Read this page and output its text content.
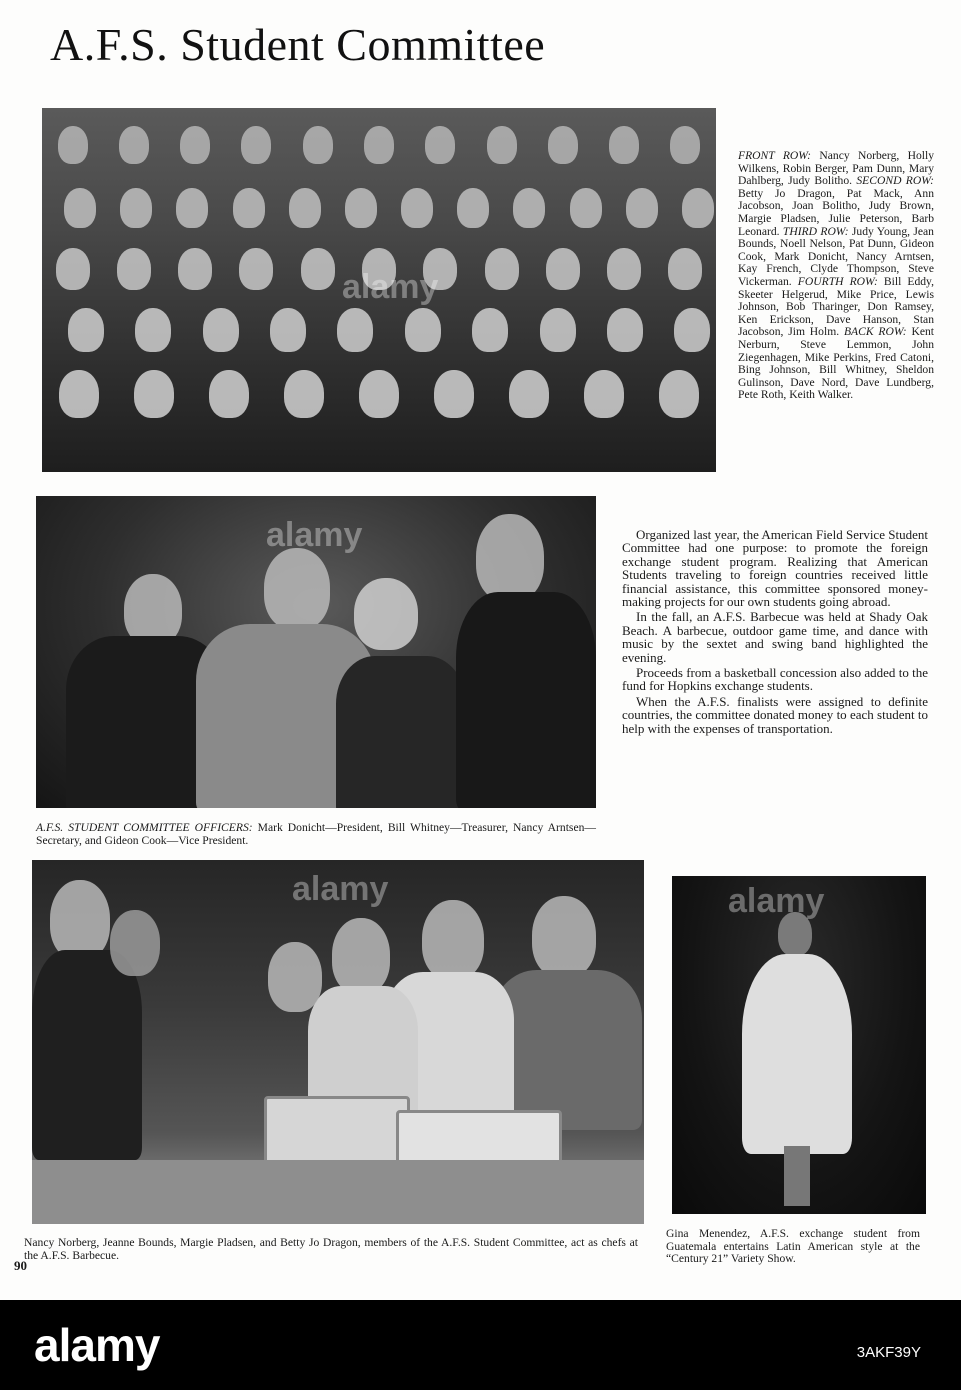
A.F.S. Student Committee
alamy
FRONT ROW: Nancy Norberg, Holly Wilkens, Robin Berger, Pam Dunn, Mary Dahlberg, Judy Bolitho. SECOND ROW: Betty Jo Dragon, Pat Mack, Ann Jacobson, Joan Bolitho, Judy Brown, Margie Pladsen, Julie Peterson, Barb Leonard. THIRD ROW: Judy Young, Jean Bounds, Noell Nelson, Pat Dunn, Gideon Cook, Mark Donicht, Nancy Arntsen, Kay French, Clyde Thompson, Steve Vickerman. FOURTH ROW: Bill Eddy, Skeeter Helgerud, Mike Price, Lewis Johnson, Bob Tharinger, Don Ramsey, Ken Erickson, Dave Hanson, Stan Jacobson, Jim Holm. BACK ROW: Kent Nerburn, Steve Lemmon, John Ziegenhagen, Mike Perkins, Fred Catoni, Bing Johnson, Bill Whitney, Sheldon Gulinson, Dave Nord, Dave Lundberg, Pete Roth, Keith Walker.
alamy
A.F.S. STUDENT COMMITTEE OFFICERS: Mark Donicht—President, Bill Whitney—Treasurer, Nancy Arntsen—Secretary, and Gideon Cook—Vice President.

Organized last year, the American Field Service Student Committee had one purpose: to promote the foreign exchange student program. Realizing that American Students traveling to foreign countries received little financial assistance, this committee sponsored money-making projects for our own students going abroad.

In the fall, an A.F.S. Barbecue was held at Shady Oak Beach. A barbecue, outdoor game time, and dance with music by the sextet and swing band highlighted the evening.

Proceeds from a basketball concession also added to the fund for Hopkins exchange students.

When the A.F.S. finalists were assigned to definite countries, the committee donated money to each student to help with the expenses of transportation.

alamy
Nancy Norberg, Jeanne Bounds, Margie Pladsen, and Betty Jo Dragon, members of the A.F.S. Student Committee, act as chefs at the A.F.S. Barbecue.
alamy
Gina Menendez, A.F.S. exchange student from Guatemala entertains Latin American style at the “Century 21” Variety Show.
90
alamy	3AKF39Y
